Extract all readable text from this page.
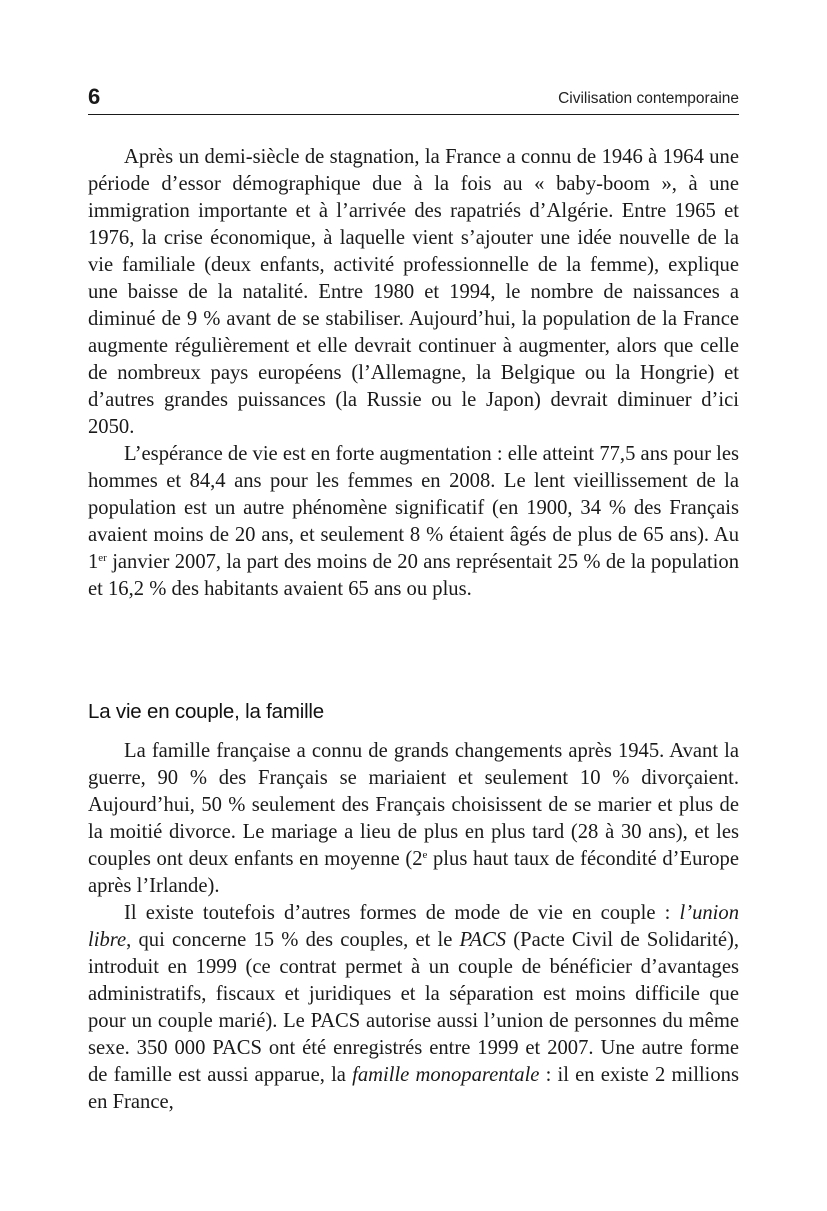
6	Civilisation contemporaine

Après un demi-siècle de stagnation, la France a connu de 1946 à 1964 une période d’essor démographique due à la fois au « baby-boom », à une immigration importante et à l’arrivée des rapatriés d’Algérie. Entre 1965 et 1976, la crise économique, à laquelle vient s’ajouter une idée nouvelle de la vie familiale (deux enfants, activité professionnelle de la femme), explique une baisse de la natalité. Entre 1980 et 1994, le nombre de naissances a diminué de 9 % avant de se stabiliser. Aujourd’hui, la population de la France augmente régulièrement et elle devrait continuer à augmenter, alors que celle de nombreux pays européens (l’Allemagne, la Belgique ou la Hongrie) et d’autres grandes puissances (la Russie ou le Japon) devrait diminuer d’ici 2050.

L’espérance de vie est en forte augmentation : elle atteint 77,5 ans pour les hommes et 84,4 ans pour les femmes en 2008. Le lent vieillissement de la population est un autre phénomène significatif (en 1900, 34 % des Français avaient moins de 20 ans, et seulement 8 % étaient âgés de plus de 65 ans). Au 1er janvier 2007, la part des moins de 20 ans représentait 25 % de la population et 16,2 % des habitants avaient 65 ans ou plus.

La vie en couple, la famille

La famille française a connu de grands changements après 1945. Avant la guerre, 90 % des Français se mariaient et seulement 10 % divorçaient. Aujourd’hui, 50 % seulement des Français choisissent de se marier et plus de la moitié divorce. Le mariage a lieu de plus en plus tard (28 à 30 ans), et les couples ont deux enfants en moyenne (2e plus haut taux de fécondité d’Europe après l’Irlande).

Il existe toutefois d’autres formes de mode de vie en couple : l’union libre, qui concerne 15 % des couples, et le PACS (Pacte Civil de Solidarité), introduit en 1999 (ce contrat permet à un couple de bénéficier d’avantages administratifs, fiscaux et juridiques et la séparation est moins difficile que pour un couple marié). Le PACS autorise aussi l’union de personnes du même sexe. 350 000 PACS ont été enregistrés entre 1999 et 2007. Une autre forme de famille est aussi apparue, la famille monoparentale : il en existe 2 millions en France,
